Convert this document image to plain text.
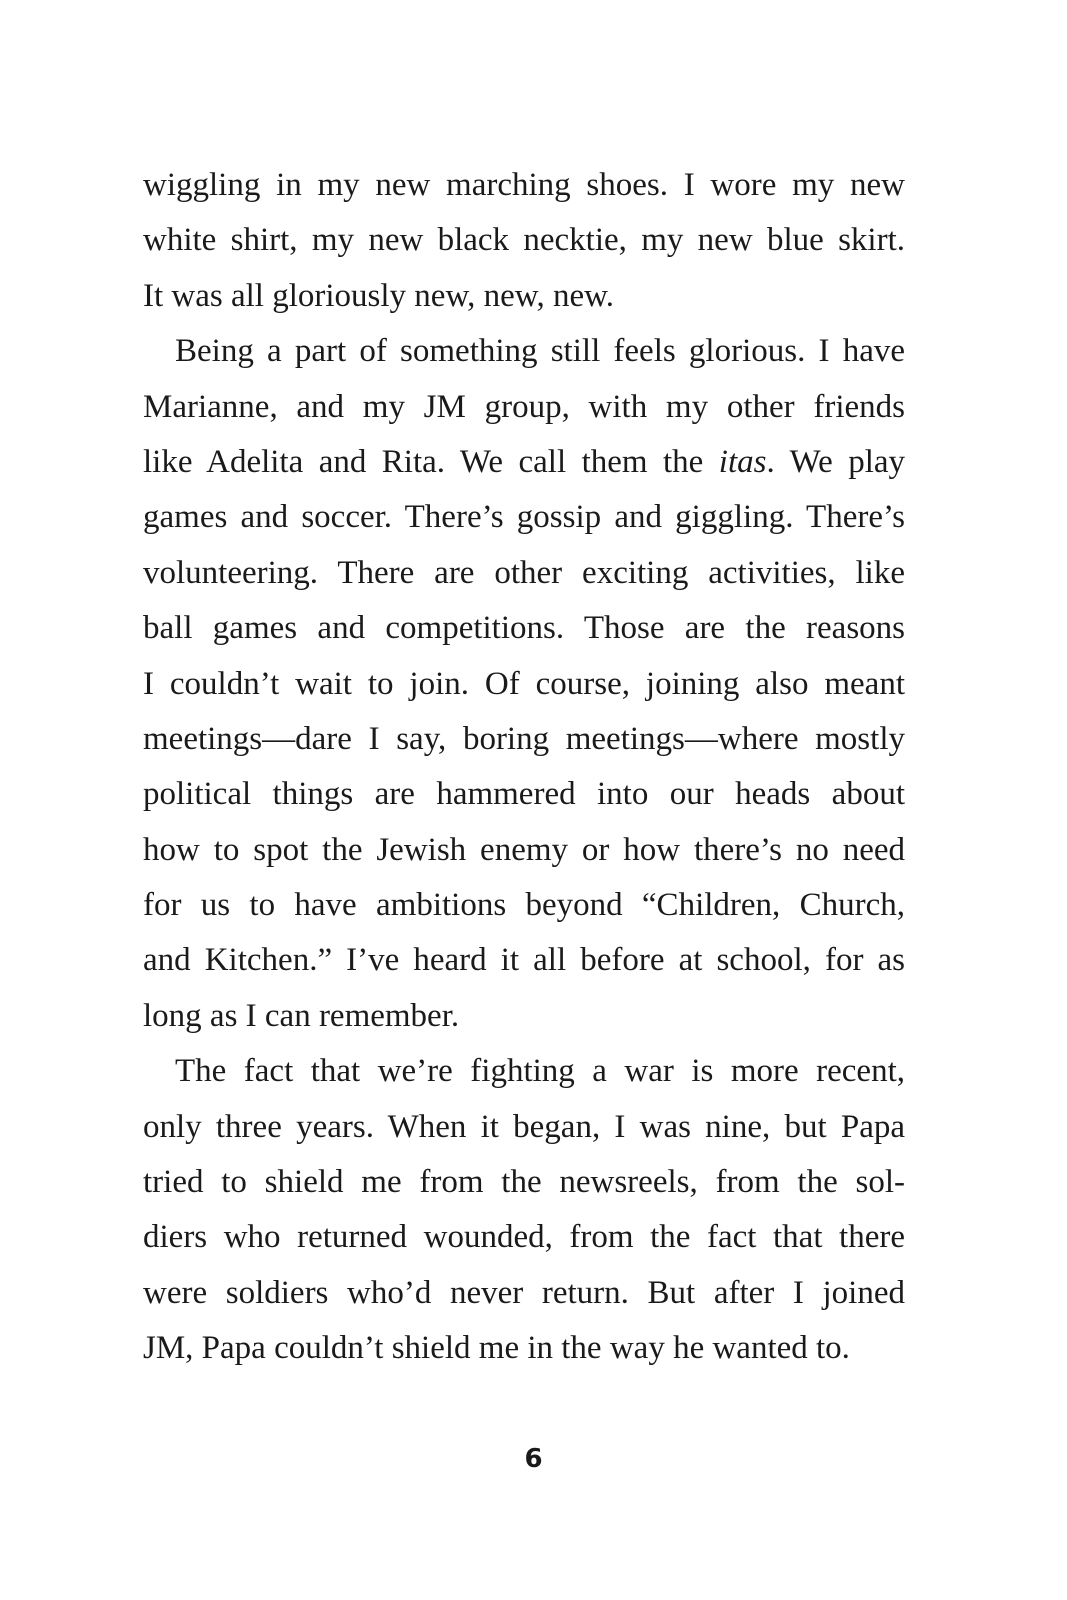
wiggling in my new marching shoes. I wore my new
white shirt, my new black necktie, my new blue skirt.
It was all gloriously new, new, new.
Being a part of something still feels glorious. I have
Marianne, and my JM group, with my other friends
like Adelita and Rita. We call them the itas. We play
games and soccer. There’s gossip and giggling. There’s
volunteering. There are other exciting activities, like
ball games and competitions. Those are the reasons
I couldn’t wait to join. Of course, joining also meant
meetings—dare I say, boring meetings—where mostly
political things are hammered into our heads about
how to spot the Jewish enemy or how there’s no need
for us to have ambitions beyond “Children, Church,
and Kitchen.” I’ve heard it all before at school, for as
long as I can remember.
The fact that we’re fighting a war is more recent,
only three years. When it began, I was nine, but Papa
tried to shield me from the newsreels, from the sol-
diers who returned wounded, from the fact that there
were soldiers who’d never return. But after I joined
JM, Papa couldn’t shield me in the way he wanted to.
6
